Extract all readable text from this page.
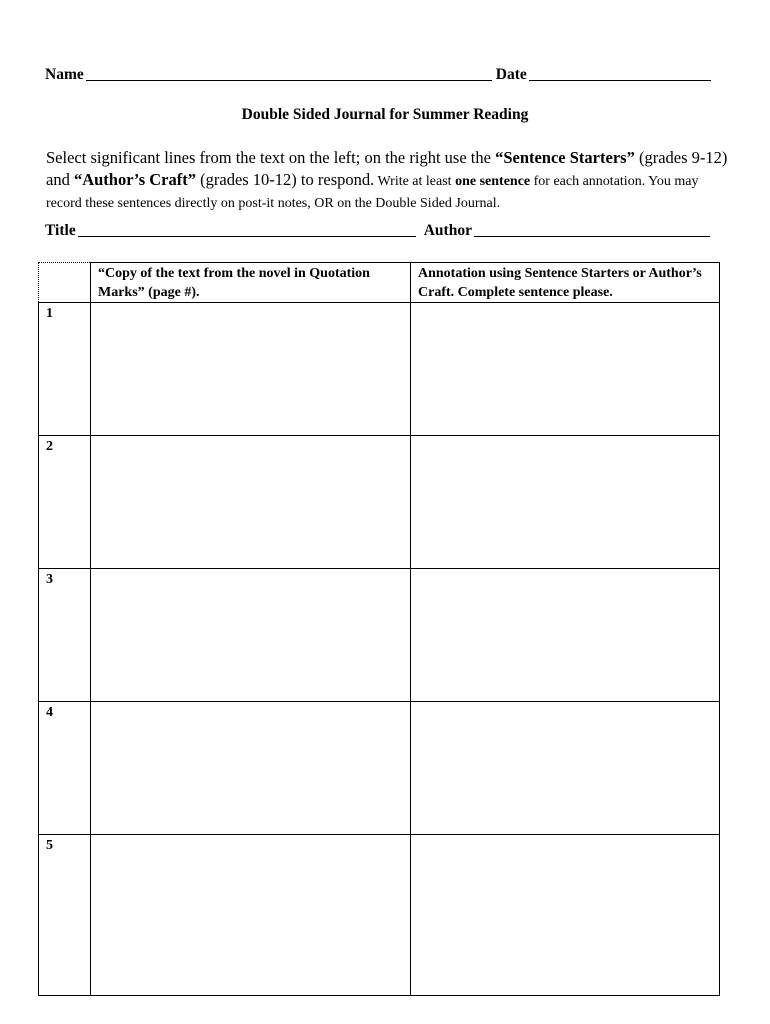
Name	Date
Double Sided Journal for Summer Reading
Select significant lines from the text on the left; on the right use the “Sentence Starters” (grades 9-12) and “Author’s Craft” (grades 10-12) to respond. Write at least one sentence for each annotation. You may record these sentences directly on post-it notes, OR on the Double Sided Journal.
Title	Author
	“Copy of the text from the novel in Quotation Marks” (page #).	Annotation using Sentence Starters or Author’s Craft. Complete sentence please.
1		
2		
3		
4		
5		
